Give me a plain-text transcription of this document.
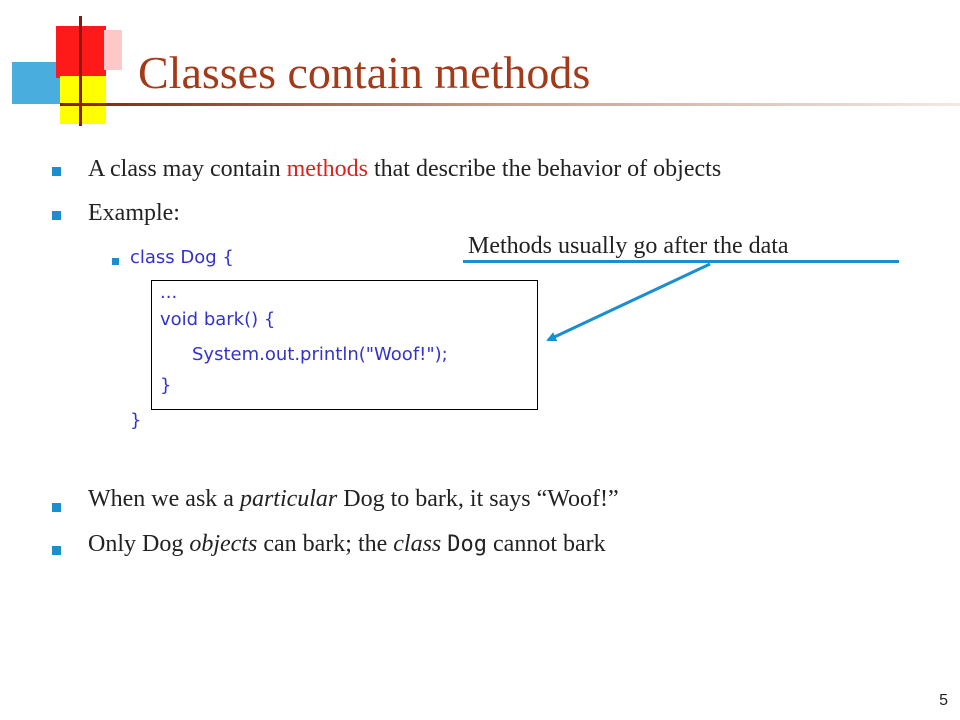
Classes contain methods
A class may contain methods that describe the behavior of objects
Example:
class Dog {
...
void bark() {
System.out.println("Woof!");
}
}
Methods usually go after the data
When we ask a particular Dog to bark, it says “Woof!”
Only Dog objects can bark; the class Dog cannot bark
5
